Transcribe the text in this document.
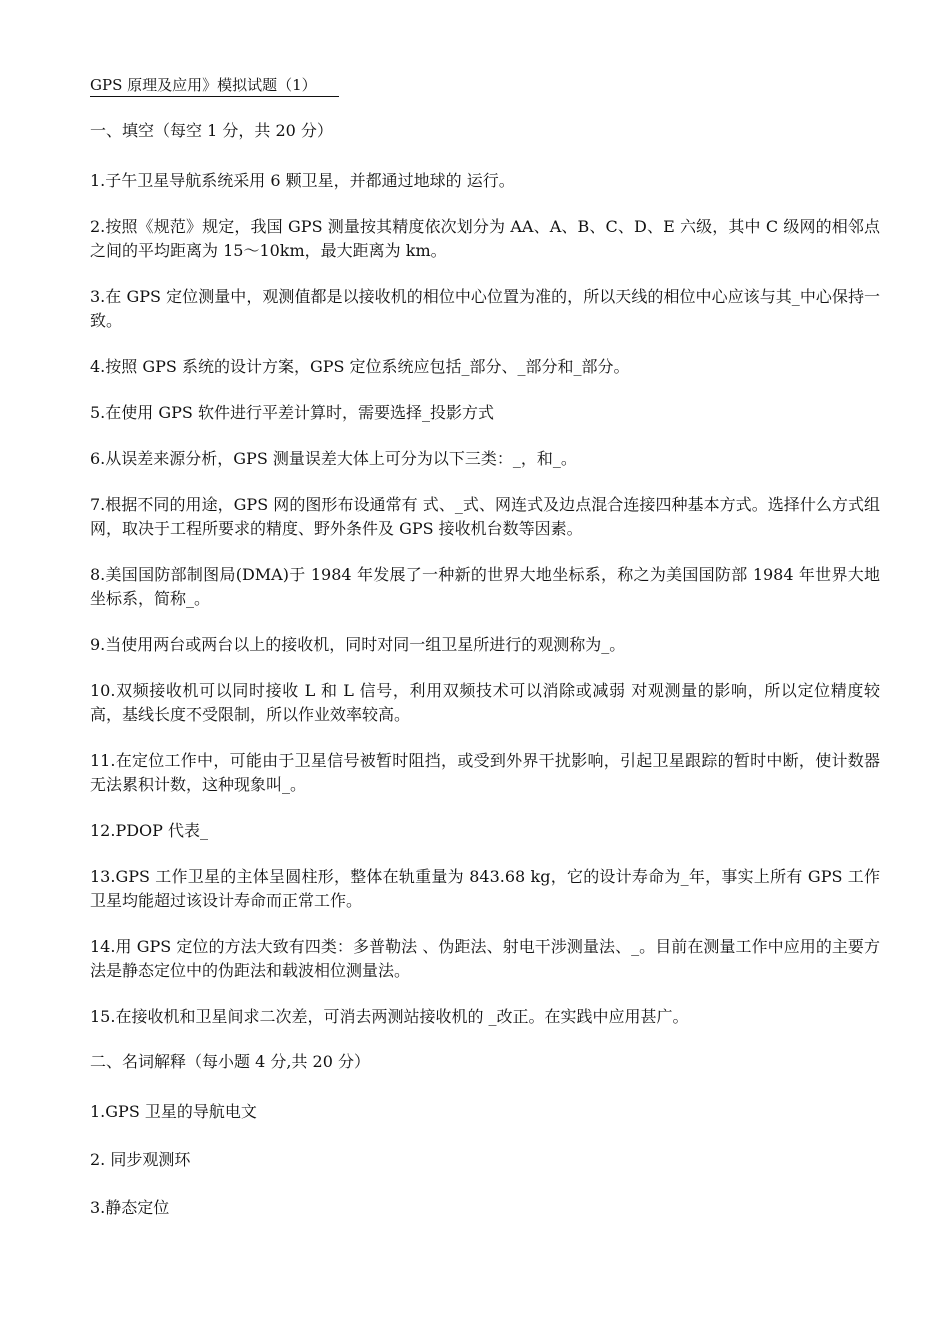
GPS 原理及应用》模拟试题（1）
一、填空（每空 1 分，共 20 分）
1.子午卫星导航系统采用 6 颗卫星，并都通过地球的 运行。
2.按照《规范》规定，我国 GPS 测量按其精度依次划分为 AA、A、B、C、D、E 六级，其中 C 级网的相邻点之间的平均距离为 15～10km，最大距离为 km。
3.在 GPS 定位测量中，观测值都是以接收机的相位中心位置为准的，所以天线的相位中心应该与其_中心保持一致。
4.按照 GPS 系统的设计方案，GPS 定位系统应包括_部分、_部分和_部分。
5.在使用 GPS 软件进行平差计算时，需要选择_投影方式
6.从误差来源分析，GPS 测量误差大体上可分为以下三类：_，和_。
7.根据不同的用途，GPS 网的图形布设通常有 式、_式、网连式及边点混合连接四种基本方式。选择什么方式组网，取决于工程所要求的精度、野外条件及 GPS 接收机台数等因素。
8.美国国防部制图局(DMA)于 1984 年发展了一种新的世界大地坐标系，称之为美国国防部 1984 年世界大地坐标系，简称_。
9.当使用两台或两台以上的接收机，同时对同一组卫星所进行的观测称为_。
10.双频接收机可以同时接收 L 和 L 信号，利用双频技术可以消除或减弱 对观测量的影响，所以定位精度较高，基线长度不受限制，所以作业效率较高。
11.在定位工作中，可能由于卫星信号被暂时阻挡，或受到外界干扰影响，引起卫星跟踪的暂时中断，使计数器无法累积计数，这种现象叫_。
12.PDOP 代表_
13.GPS 工作卫星的主体呈圆柱形，整体在轨重量为 843.68 kg，它的设计寿命为_年，事实上所有 GPS 工作卫星均能超过该设计寿命而正常工作。
14.用 GPS 定位的方法大致有四类：多普勒法 、伪距法、射电干涉测量法、_。目前在测量工作中应用的主要方法是静态定位中的伪距法和载波相位测量法。
15.在接收机和卫星间求二次差，可消去两测站接收机的 _改正。在实践中应用甚广。
二、名词解释（每小题 4 分,共 20 分）
1.GPS 卫星的导航电文
2. 同步观测环
3.静态定位
